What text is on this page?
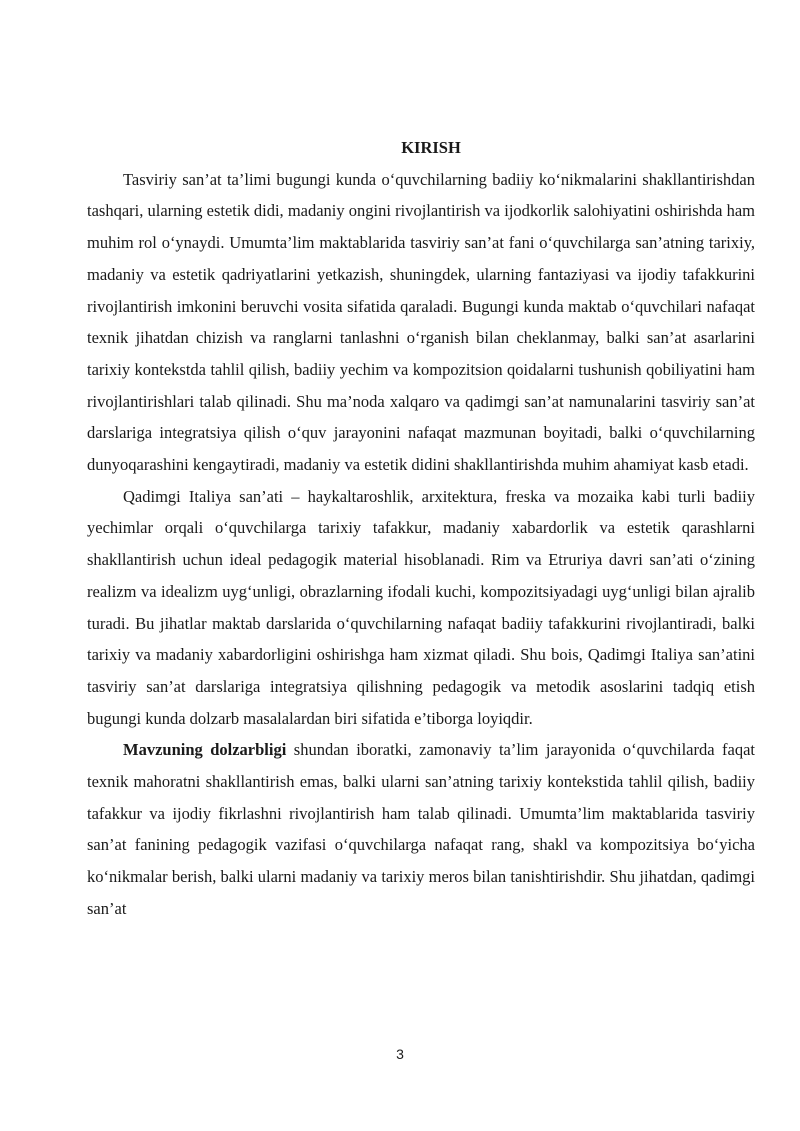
KIRISH

Tasviriy san’at ta’limi bugungi kunda o‘quvchilarning badiiy ko‘nikmalarini shakllantirishdan tashqari, ularning estetik didi, madaniy ongini rivojlantirish va ijodkorlik salohiyatini oshirishda ham muhim rol o‘ynaydi. Umumta’lim maktablarida tasviriy san’at fani o‘quvchilarga san’atning tarixiy, madaniy va estetik qadriyatlarini yetkazish, shuningdek, ularning fantaziyasi va ijodiy tafakkurini rivojlantirish imkonini beruvchi vosita sifatida qaraladi. Bugungi kunda maktab o‘quvchilari nafaqat texnik jihatdan chizish va ranglarni tanlashni o‘rganish bilan cheklanmay, balki san’at asarlarini tarixiy kontekstda tahlil qilish, badiiy yechim va kompozitsion qoidalarni tushunish qobiliyatini ham rivojlantirishlari talab qilinadi. Shu ma’noda xalqaro va qadimgi san’at namunalarini tasviriy san’at darslariga integratsiya qilish o‘quv jarayonini nafaqat mazmunan boyitadi, balki o‘quvchilarning dunyoqarashini kengaytiradi, madaniy va estetik didini shakllantirishda muhim ahamiyat kasb etadi.

Qadimgi Italiya san’ati – haykaltaroshlik, arxitektura, freska va mozaika kabi turli badiiy yechimlar orqali o‘quvchilarga tarixiy tafakkur, madaniy xabardorlik va estetik qarashlarni shakllantirish uchun ideal pedagogik material hisoblanadi. Rim va Etruriya davri san’ati o‘zining realizm va idealizm uyg‘unligi, obrazlarning ifodali kuchi, kompozitsiyadagi uyg‘unligi bilan ajralib turadi. Bu jihatlar maktab darslarida o‘quvchilarning nafaqat badiiy tafakkurini rivojlantiradi, balki tarixiy va madaniy xabardorligini oshirishga ham xizmat qiladi. Shu bois, Qadimgi Italiya san’atini tasviriy san’at darslariga integratsiya qilishning pedagogik va metodik asoslarini tadqiq etish bugungi kunda dolzarb masalalardan biri sifatida e’tiborga loyiqdir.

Mavzuning dolzarbligi shundan iboratki, zamonaviy ta’lim jarayonida o‘quvchilarda faqat texnik mahoratni shakllantirish emas, balki ularni san’atning tarixiy kontekstida tahlil qilish, badiiy tafakkur va ijodiy fikrlashni rivojlantirish ham talab qilinadi. Umumta’lim maktablarida tasviriy san’at fanining pedagogik vazifasi o‘quvchilarga nafaqat rang, shakl va kompozitsiya bo‘yicha ko‘nikmalar berish, balki ularni madaniy va tarixiy meros bilan tanishtirishdir. Shu jihatdan, qadimgi san’at

3
